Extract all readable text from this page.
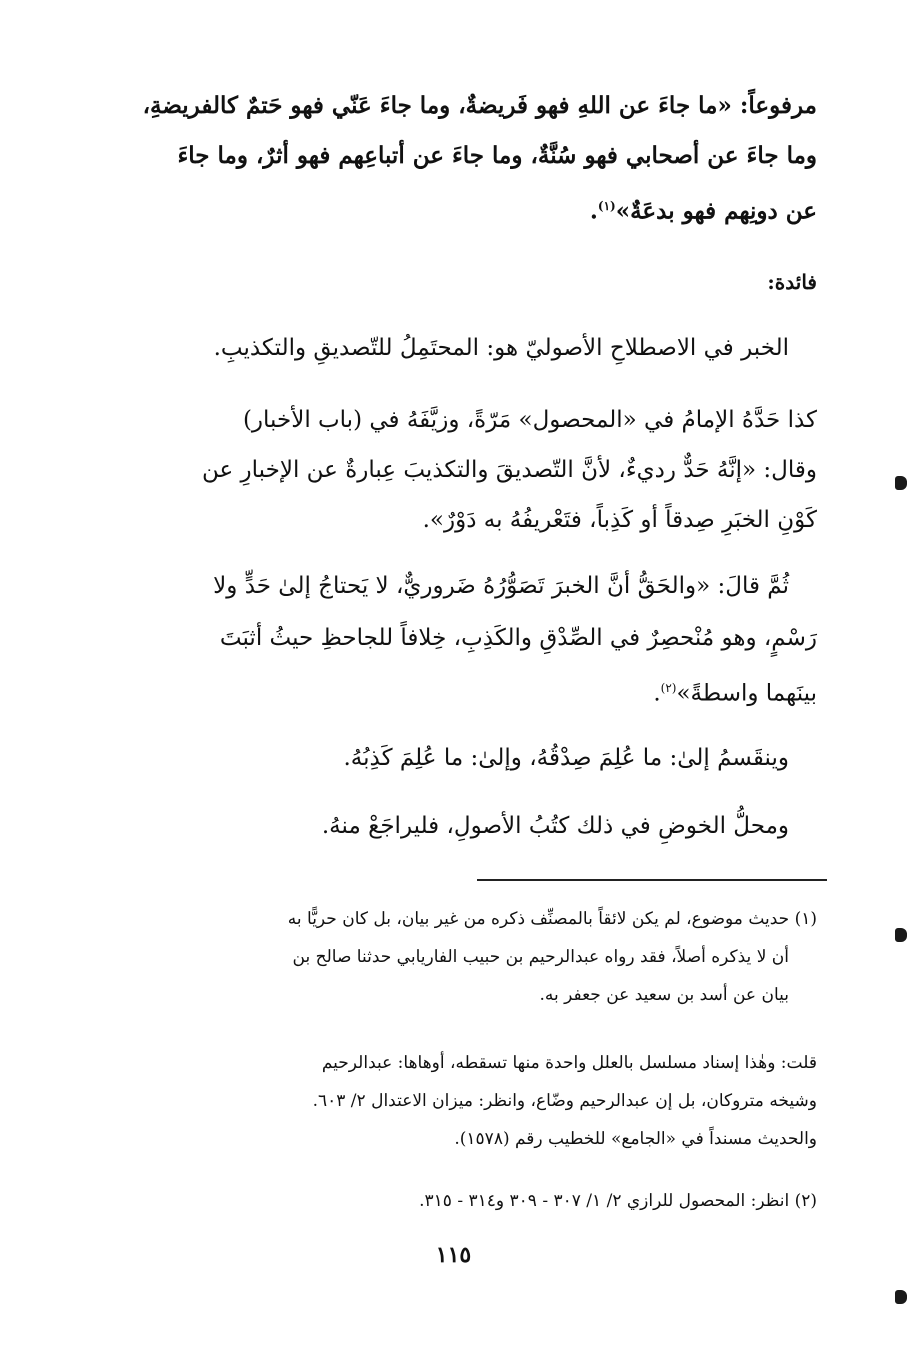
مرفوعاً: «ما جاءَ عن اللهِ فهو فَريضةٌ، وما جاءَ عَنّي فهو حَتمٌ كالفريضةِ،
وما جاءَ عن أصحابي فهو سُنَّةٌ، وما جاءَ عن أتباعِهم فهو أثرٌ، وما جاءَ
عن دونِهم فهو بدعَةٌ»$^{(١)}$.
فائدة:
الخبر في الاصطلاحِ الأصوليّ هو: المحتَمِلُ للتّصديقِ والتكذيبِ.
كذا حَدَّهُ الإمامُ في «المحصول» مَرّةً، وزيَّفَهُ في (باب الأخبار)
وقال: «إنَّهُ حَدٌّ رديءٌ، لأنَّ التّصديقَ والتكذيبَ عِبارةٌ عن الإخبارِ عن
كَوْنِ الخبَرِ صِدقاً أو كَذِباً، فتَعْريفُهُ به دَوْرٌ».
ثُمَّ قالَ: «والحَقُّ أنَّ الخبرَ تَصَوُّرُهُ ضَروريٌّ، لا يَحتاجُ إلىٰ حَدٍّ ولا
رَسْمٍ، وهو مُنْحصِرٌ في الصِّدْقِ والكَذِبِ، خِلافاً للجاحظِ حيثُ أثبَتَ
بينَهما واسطةً»$^{(٢)}$.
وينقَسمُ إلىٰ: ما عُلِمَ صِدْقُهُ، وإلىٰ: ما عُلِمَ كَذِبُهُ.
ومحلُّ الخوضِ في ذلك كتُبُ الأصولِ، فليراجَعْ منهُ.
(١) حديث موضوع، لم يكن لائقاً بالمصنِّف ذكره من غير بيان، بل كان حريًّا به
أن لا يذكره أصلاً، فقد رواه عبدالرحيم بن حبيب الفاريابي حدثنا صالح بن
بيان عن أسد بن سعيد عن جعفر به.
قلت: وهٰذا إسناد مسلسل بالعلل واحدة منها تسقطه، أوهاها: عبدالرحيم
وشيخه متروكان، بل إن عبدالرحيم وضّاع، وانظر: ميزان الاعتدال ٢/ ٦٠٣.
والحديث مسنداً في «الجامع» للخطيب رقم (١٥٧٨).
(٢) انظر: المحصول للرازي ٢/ ١/ ٣٠٧ - ٣٠٩ و٣١٤ - ٣١٥.
١١٥
